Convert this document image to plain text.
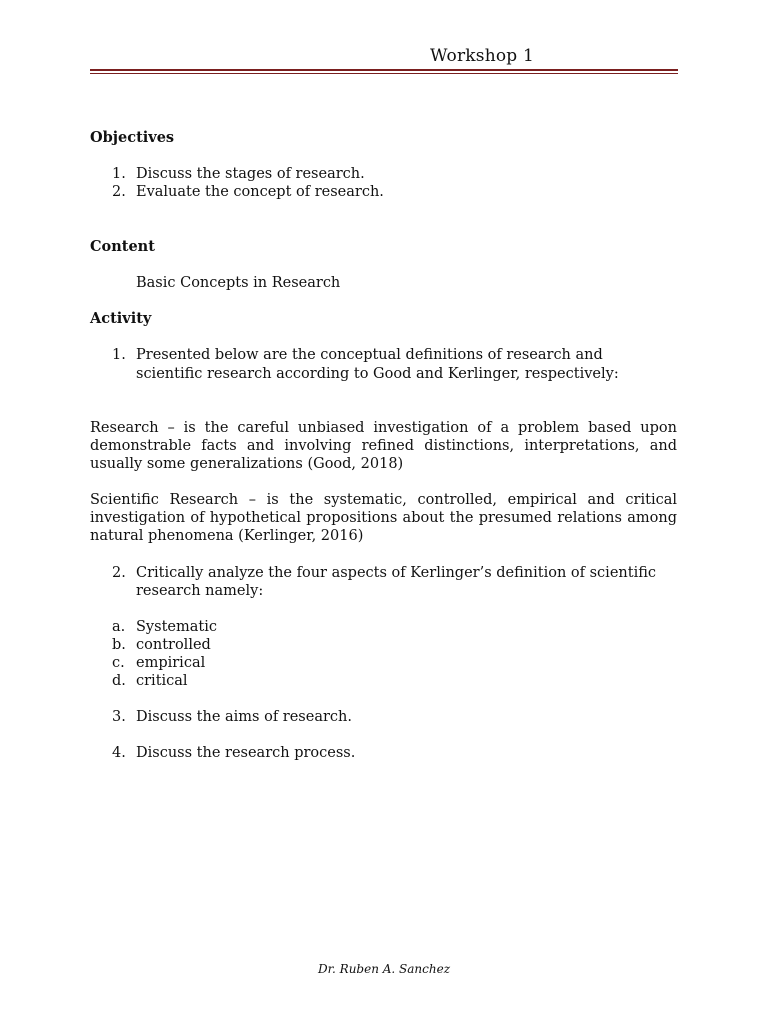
Workshop 1
Objectives
1. Discuss the stages of research.
2. Evaluate the concept of research.
Content
Basic Concepts in Research
Activity
1. Presented below are the conceptual definitions of research and
scientific research according to Good and Kerlinger, respectively:
Research – is the careful unbiased investigation of a problem based upon demonstrable facts and involving refined distinctions, interpretations, and usually some generalizations (Good, 2018)
Scientific Research – is the systematic, controlled, empirical and critical investigation of hypothetical propositions about the presumed relations among natural phenomena (Kerlinger, 2016)
2. Critically analyze the four aspects of Kerlinger’s definition of scientific
research namely:
a. Systematic
b. controlled
c. empirical
d. critical
3. Discuss the aims of research.
4. Discuss the research process.
Dr. Ruben A. Sanchez
